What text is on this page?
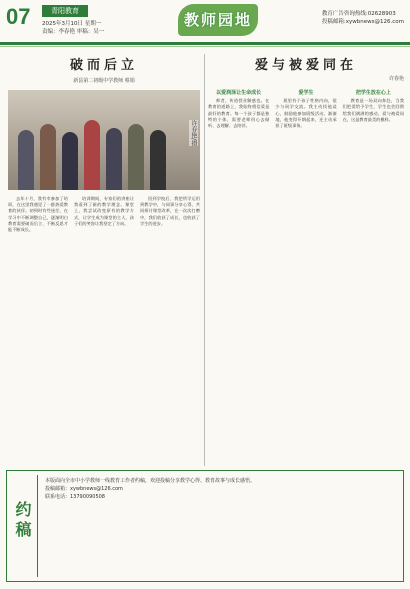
07	青阳教育
2025年3月10日 星期一
责编：李春艳 审稿：吴一
教师园地	教育广告咨询热线:02628903
投稿邮箱:xywbnews@126.com
破而后立
新县第二初级中学教师 蔡娟
许春艳/摄

去年十月，我有幸参加了培训，在这里我遇见了一群热爱教育的伙伴。初到时有些迷茫，在学习中不断调整自己，逐渐明白教育需要破而后立，不断反思才能不断成长。

培训期间，专家们的讲座让我看到了新的教学理念。课堂上，我尝试改变原有的教学方式，让学生成为课堂的主人，孩子们的笑容让我坚定了方向。

回到学校后，我把所学运用到教学中，与同事分享心得，共同探讨课堂改革，在一次次打磨中，我们收获了成长，也收获了学生的进步。

爱与被爱同在
许春艳
以爱润泽让生命成长

师者，传道授业解惑也。在教育的道路上，我始终相信爱是最好的教育。每一个孩子都是独特的个体，需要老师用心去倾听、去理解、去陪伴。

爱学生

班里有个孩子性格内向，很少与同学交流。我主动找他谈心，鼓励他参加班级活动。渐渐地，他变得开朗起来，还主动承担了班级事务。

把学生放在心上

教育是一场双向奔赴，当我们把爱给予学生，学生也会回馈给我们满满的感动。爱与被爱同在，这是教育最美的模样。

约稿
本版面向全市中小学教师一线教育工作者约稿，欢迎投稿分享教学心得、教育故事与成长感悟。
投稿邮箱：xywbnews@126.com
联系电话：13790090508
